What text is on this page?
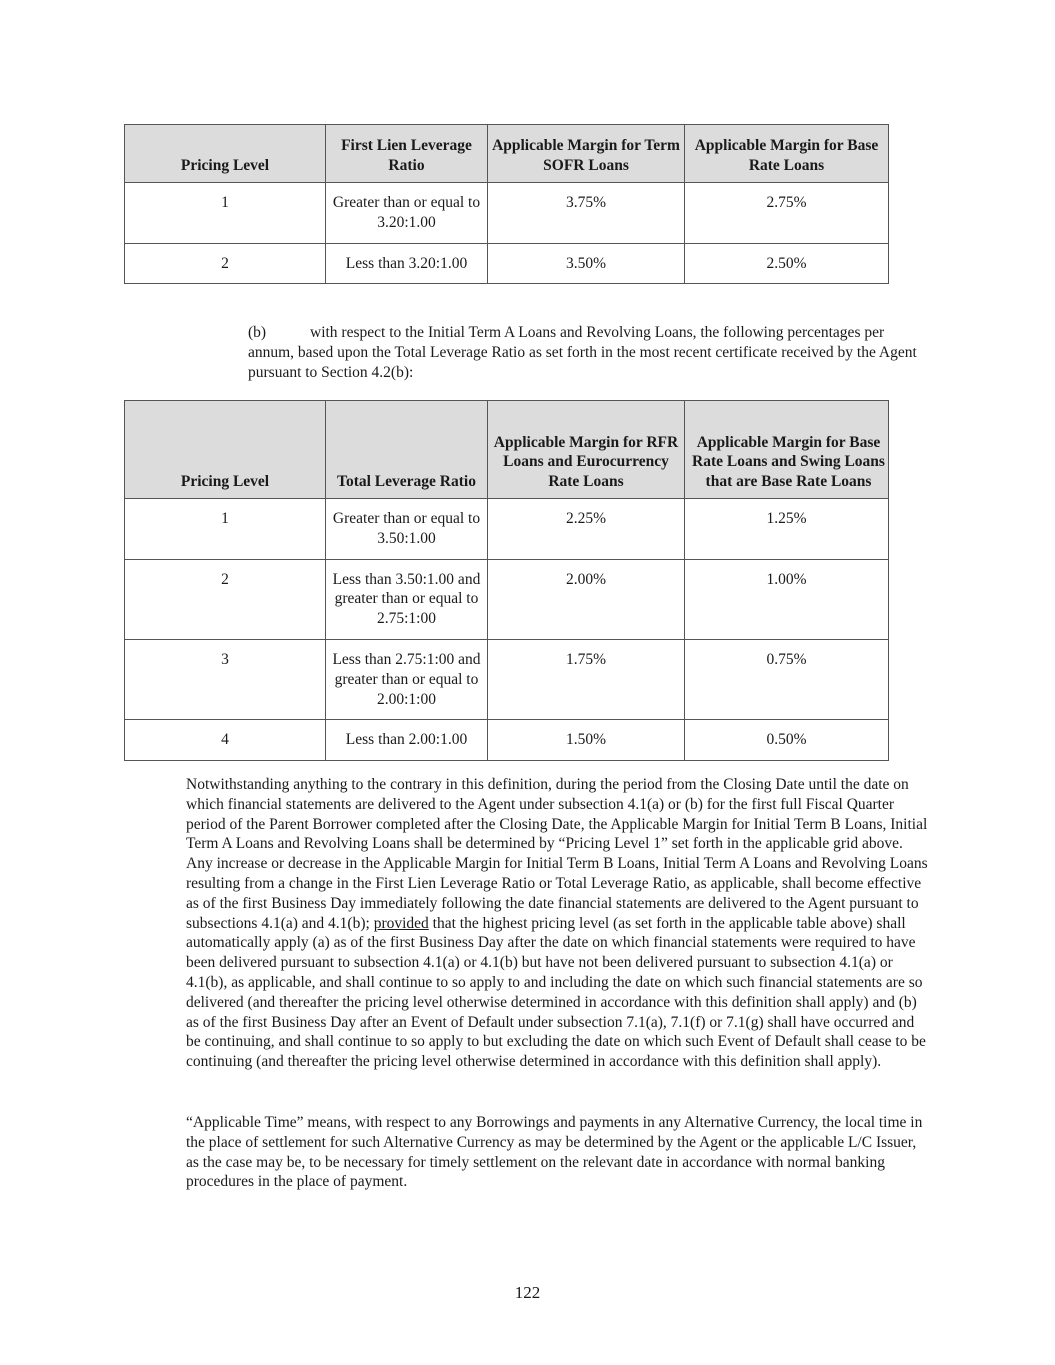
Pricing Level	First Lien Leverage Ratio	Applicable Margin for Term SOFR Loans	Applicable Margin for Base Rate Loans
1	Greater than or equal to 3.20:1.00	3.75%	2.75%
2	Less than 3.20:1.00	3.50%	2.50%
(b)	with respect to the Initial Term A Loans and Revolving Loans, the following percentages per annum, based upon the Total Leverage Ratio as set forth in the most recent certificate received by the Agent pursuant to Section 4.2(b):
Pricing Level	Total Leverage Ratio	Applicable Margin for RFR Loans and Eurocurrency Rate Loans	Applicable Margin for Base Rate Loans and Swing Loans that are Base Rate Loans
1	Greater than or equal to 3.50:1.00	2.25%	1.25%
2	Less than 3.50:1.00 and greater than or equal to 2.75:1:00	2.00%	1.00%
3	Less than 2.75:1:00 and greater than or equal to 2.00:1:00	1.75%	0.75%
4	Less than 2.00:1.00	1.50%	0.50%
Notwithstanding anything to the contrary in this definition, during the period from the Closing Date until the date on which financial statements are delivered to the Agent under subsection 4.1(a) or (b) for the first full Fiscal Quarter period of the Parent Borrower completed after the Closing Date, the Applicable Margin for Initial Term B Loans, Initial Term A Loans and Revolving Loans shall be determined by “Pricing Level 1” set forth in the applicable grid above. Any increase or decrease in the Applicable Margin for Initial Term B Loans, Initial Term A Loans and Revolving Loans resulting from a change in the First Lien Leverage Ratio or Total Leverage Ratio, as applicable, shall become effective as of the first Business Day immediately following the date financial statements are delivered to the Agent pursuant to subsections 4.1(a) and 4.1(b); provided that the highest pricing level (as set forth in the applicable table above) shall automatically apply (a) as of the first Business Day after the date on which financial statements were required to have been delivered pursuant to subsection 4.1(a) or 4.1(b) but have not been delivered pursuant to subsection 4.1(a) or 4.1(b), as applicable, and shall continue to so apply to and including the date on which such financial statements are so delivered (and thereafter the pricing level otherwise determined in accordance with this definition shall apply) and (b) as of the first Business Day after an Event of Default under subsection 7.1(a), 7.1(f) or 7.1(g) shall have occurred and be continuing, and shall continue to so apply to but excluding the date on which such Event of Default shall cease to be continuing (and thereafter the pricing level otherwise determined in accordance with this definition shall apply).
“Applicable Time” means, with respect to any Borrowings and payments in any Alternative Currency, the local time in the place of settlement for such Alternative Currency as may be determined by the Agent or the applicable L/C Issuer, as the case may be, to be necessary for timely settlement on the relevant date in accordance with normal banking procedures in the place of payment.
122
